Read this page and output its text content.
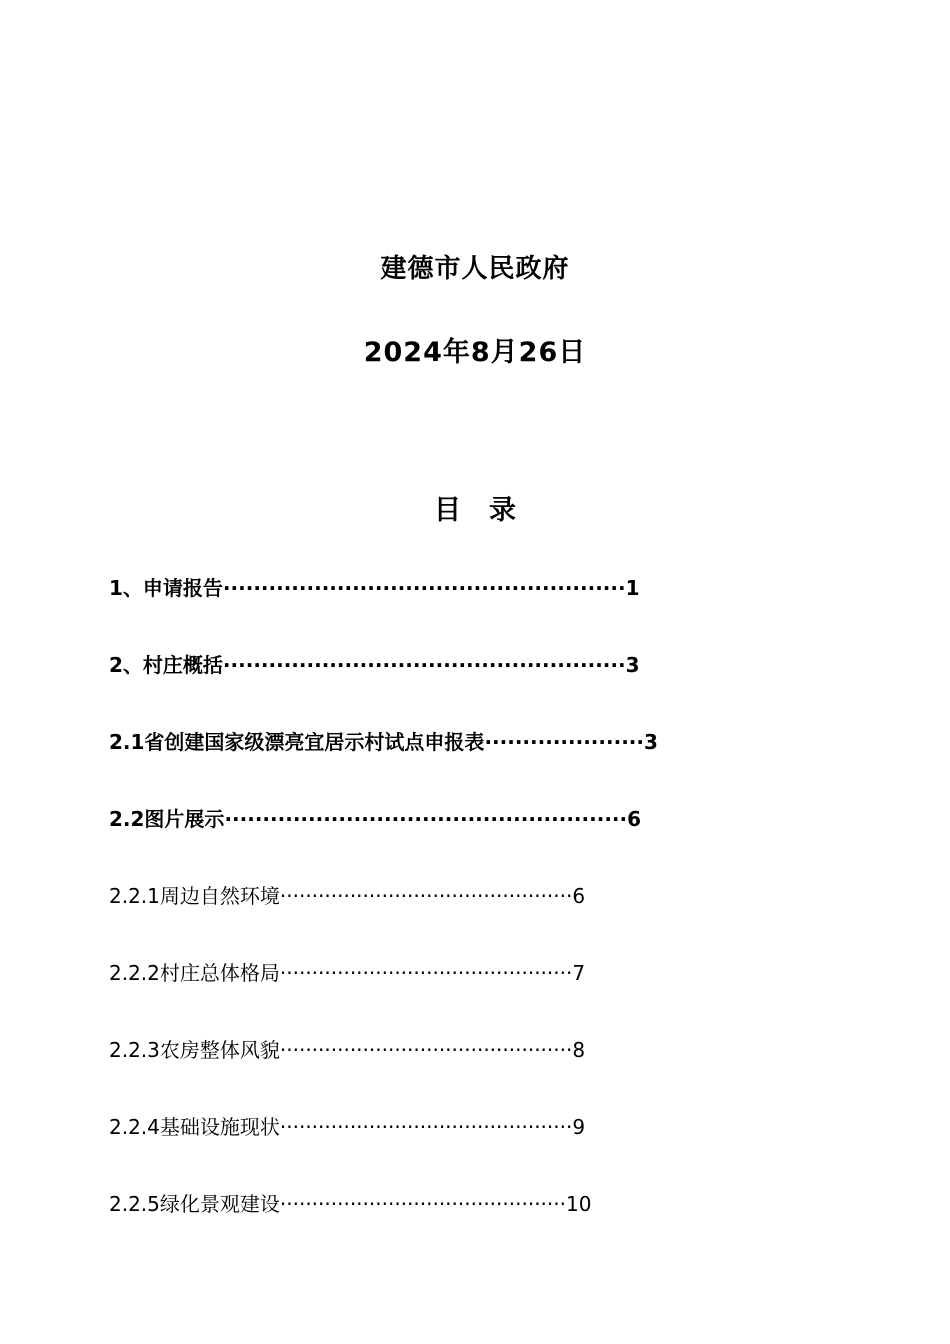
建德市人民政府
2024年8月26日
目录
1、申请报告·····················································1
2、村庄概括·····················································3
2.1省创建国家级漂亮宜居示村试点申报表·····················3
2.2图片展示·····················································6
2.2.1周边自然环境··············································6
2.2.2村庄总体格局··············································7
2.2.3农房整体风貌··············································8
2.2.4基础设施现状··············································9
2.2.5绿化景观建设·············································10
